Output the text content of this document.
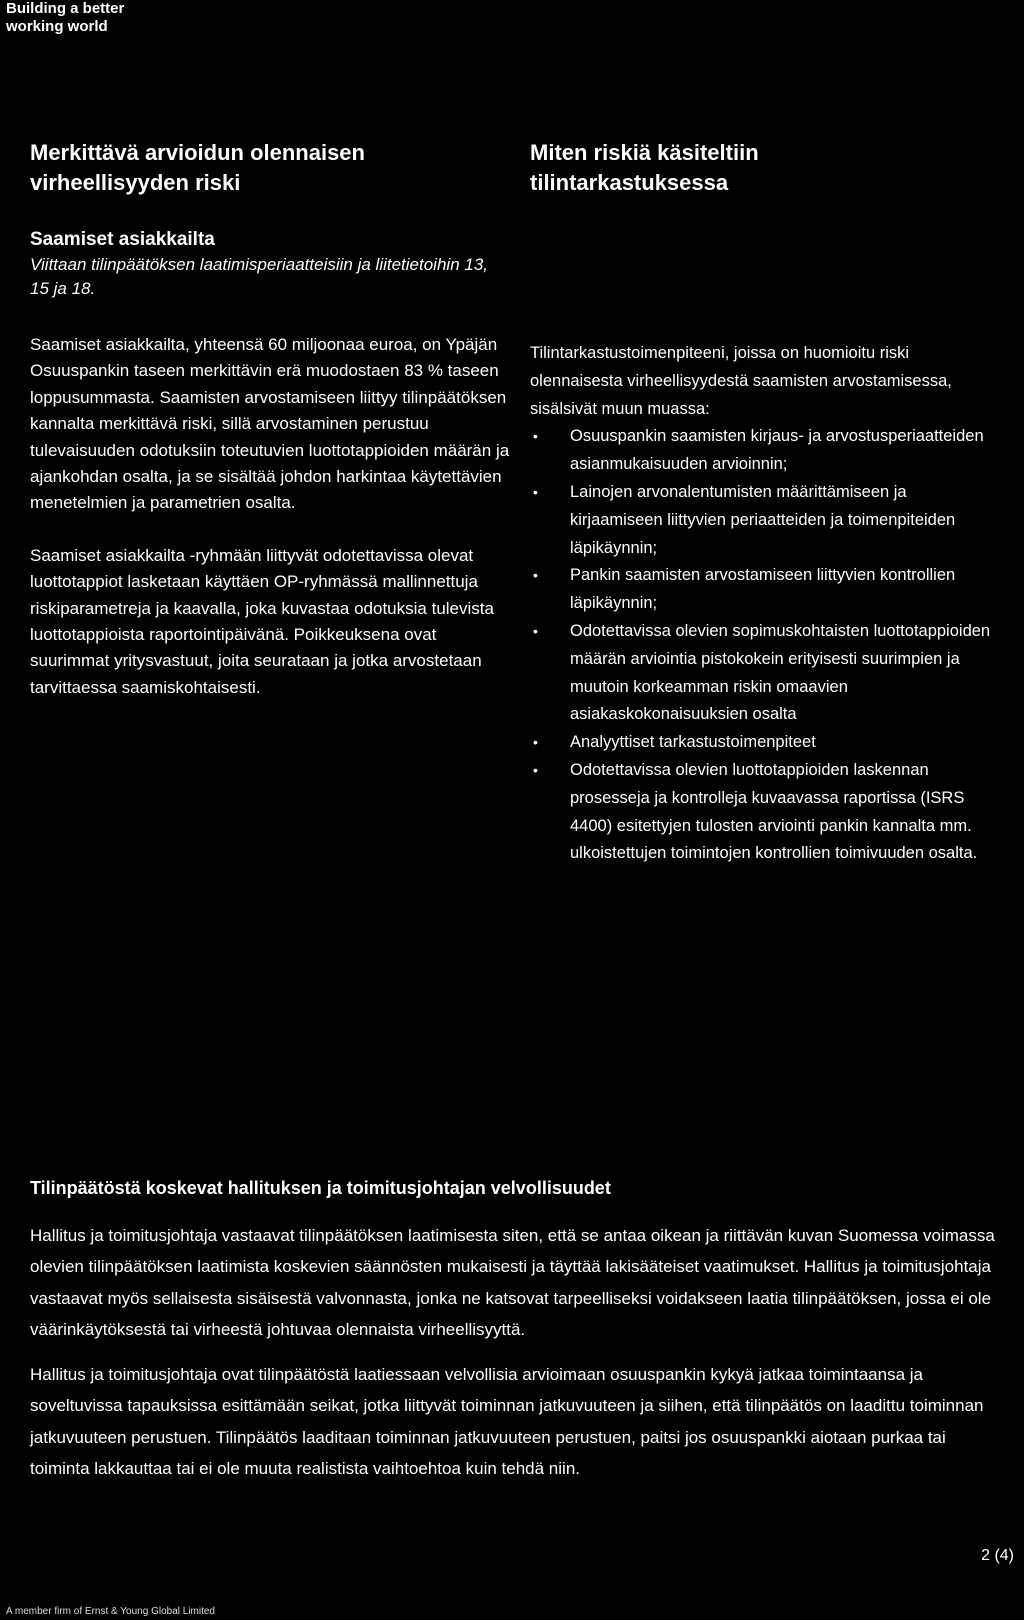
Building a better
working world
Merkittävä arvioidun olennaisen
virheellisyyden riski
Miten riskiä käsiteltiin
tilintarkastuksessa
Saamiset asiakkailta
Viittaan tilinpäätöksen laatimisperiaatteisiin ja liitetietoihin 13, 15 ja 18.

Saamiset asiakkailta, yhteensä 60 miljoonaa euroa, on Ypäjän Osuuspankin taseen merkittävin erä muodostaen 83 % taseen loppusummasta. Saamisten arvostamiseen liittyy tilinpäätöksen kannalta merkittävä riski, sillä arvostaminen perustuu tulevaisuuden odotuksiin toteutuvien luottotappioiden määrän ja ajankohdan osalta, ja se sisältää johdon harkintaa käytettävien menetelmien ja parametrien osalta.

Saamiset asiakkailta -ryhmään liittyvät odotettavissa olevat luottotappiot lasketaan käyttäen OP-ryhmässä mallinnettuja riskiparametreja ja kaavalla, joka kuvastaa odotuksia tulevista luottotappioista raportointipäivänä. Poikkeuksena ovat suurimmat yritysvastuut, joita seurataan ja jotka arvostetaan tarvittaessa saamiskohtaisesti.

Tilintarkastustoimenpiteeni, joissa on huomioitu riski olennaisesta virheellisyydestä saamisten arvostamisessa, sisälsivät muun muassa:

• Osuuspankin saamisten kirjaus- ja arvostusperiaatteiden asianmukaisuuden arvioinnin;
• Lainojen arvonalentumisten määrittämiseen ja kirjaamiseen liittyvien periaatteiden ja toimenpiteiden läpikäynnin;
• Pankin saamisten arvostamiseen liittyvien kontrollien läpikäynnin;
• Odotettavissa olevien sopimuskohtaisten luottotappioiden määrän arviointia pistokokein erityisesti suurimpien ja muutoin korkeamman riskin omaavien asiakaskokonaisuuksien osalta
• Analyyttiset tarkastustoimenpiteet
• Odotettavissa olevien luottotappioiden laskennan prosesseja ja kontrolleja kuvaavassa raportissa (ISRS 4400) esitettyjen tulosten arviointi pankin kannalta mm. ulkoistettujen toimintojen kontrollien toimivuuden osalta.
Tilinpäätöstä koskevat hallituksen ja toimitusjohtajan velvollisuudet

Hallitus ja toimitusjohtaja vastaavat tilinpäätöksen laatimisesta siten, että se antaa oikean ja riittävän kuvan Suomessa voimassa olevien tilinpäätöksen laatimista koskevien säännösten mukaisesti ja täyttää lakisääteiset vaatimukset. Hallitus ja toimitusjohtaja vastaavat myös sellaisesta sisäisestä valvonnasta, jonka ne katsovat tarpeelliseksi voidakseen laatia tilinpäätöksen, jossa ei ole väärinkäytöksestä tai virheestä johtuvaa olennaista virheellisyyttä.

Hallitus ja toimitusjohtaja ovat tilinpäätöstä laatiessaan velvollisia arvioimaan osuuspankin kykyä jatkaa toimintaansa ja soveltuvissa tapauksissa esittämään seikat, jotka liittyvät toiminnan jatkuvuuteen ja siihen, että tilinpäätös on laadittu toiminnan jatkuvuuteen perustuen. Tilinpäätös laaditaan toiminnan jatkuvuuteen perustuen, paitsi jos osuuspankki aiotaan purkaa tai toiminta lakkauttaa tai ei ole muuta realistista vaihtoehtoa kuin tehdä niin.

2 (4)
A member firm of Ernst & Young Global Limited
